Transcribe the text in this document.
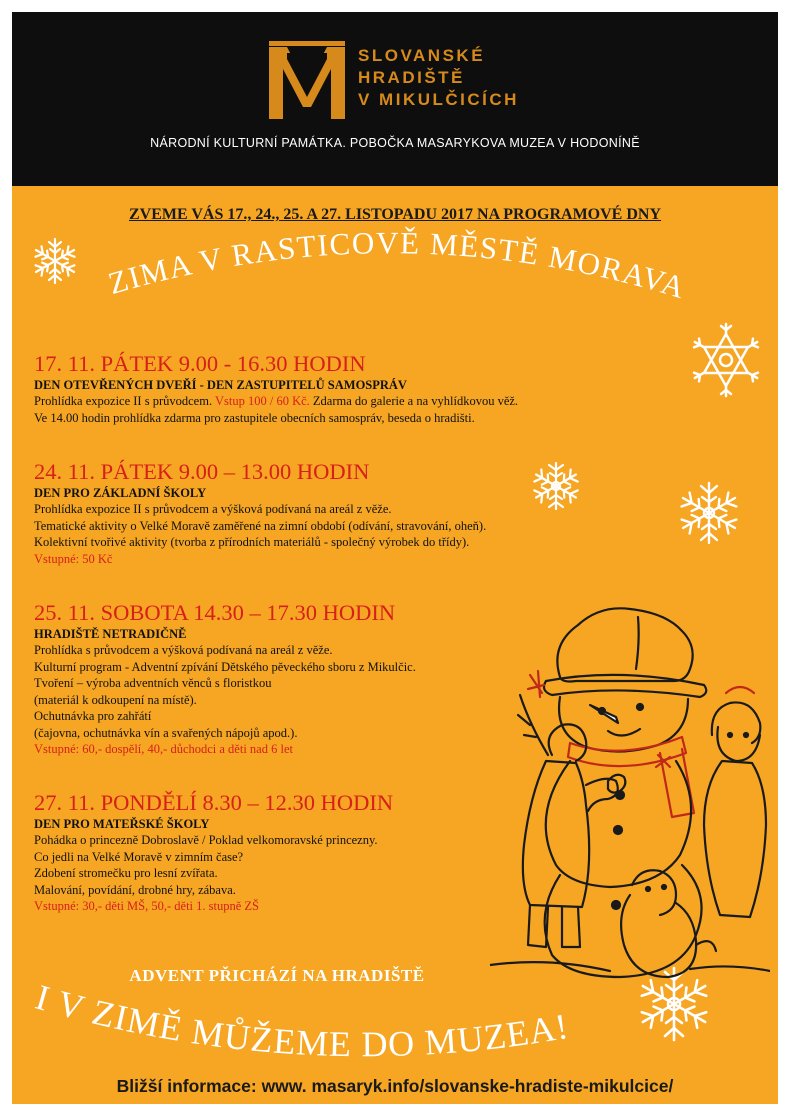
SLOVANSKÉ
HRADIŠTĚ
V MIKULČICÍCH
NÁRODNÍ KULTURNÍ PAMÁTKA. POBOČKA MASARYKOVA MUZEA V HODONÍNĚ
ZVEME VÁS 17., 24., 25. A 27. LISTOPADU 2017 NA PROGRAMOVÉ DNY
ZIMA V RASTICOVĚ MĚSTĚ MORAVA
I V ZIMĚ MŮŽEME DO MUZEA!
17. 11. PÁTEK 9.00 - 16.30 HODIN
DEN OTEVŘENÝCH DVEŘÍ - DEN ZASTUPITELŮ SAMOSPRÁV
Prohlídka expozice II s průvodcem. Vstup 100 / 60 Kč. Zdarma do galerie a na vyhlídkovou věž.
Ve 14.00 hodin prohlídka zdarma pro zastupitele obecních samospráv, beseda o hradišti.
24. 11. PÁTEK 9.00 – 13.00 HODIN
DEN PRO ZÁKLADNÍ ŠKOLY
Prohlídka expozice II s průvodcem a výšková podívaná na areál z věže.
Tematické aktivity o Velké Moravě zaměřené na zimní období (odívání, stravování, oheň).
Kolektivní tvořivé aktivity (tvorba z přírodních materiálů - společný výrobek do třídy).
Vstupné: 50 Kč
25. 11. SOBOTA 14.30 – 17.30 HODIN
HRADIŠTĚ NETRADIČNĚ
Prohlídka s průvodcem a výšková podívaná na areál z věže.
Kulturní program - Adventní zpívání Dětského pěveckého sboru z Mikulčic.
Tvoření – výroba adventních věnců s floristkou
(materiál k odkoupení na místě).
Ochutnávka pro zahřátí
(čajovna, ochutnávka vín a svařených nápojů apod.).
Vstupné: 60,- dospělí, 40,- důchodci a děti nad 6 let
27. 11. PONDĚLÍ 8.30 – 12.30 HODIN
DEN PRO MATEŘSKÉ ŠKOLY
Pohádka o princezně Dobroslavě / Poklad velkomoravské princezny.
Co jedli na Velké Moravě v zimním čase?
Zdobení stromečku pro lesní zvířata.
Malování, povídání, drobné hry, zábava.
Vstupné: 30,- děti MŠ, 50,- děti 1. stupně ZŠ
ADVENT PŘICHÁZÍ NA HRADIŠTĚ
Bližší informace: www. masaryk.info/slovanske-hradiste-mikulcice/
